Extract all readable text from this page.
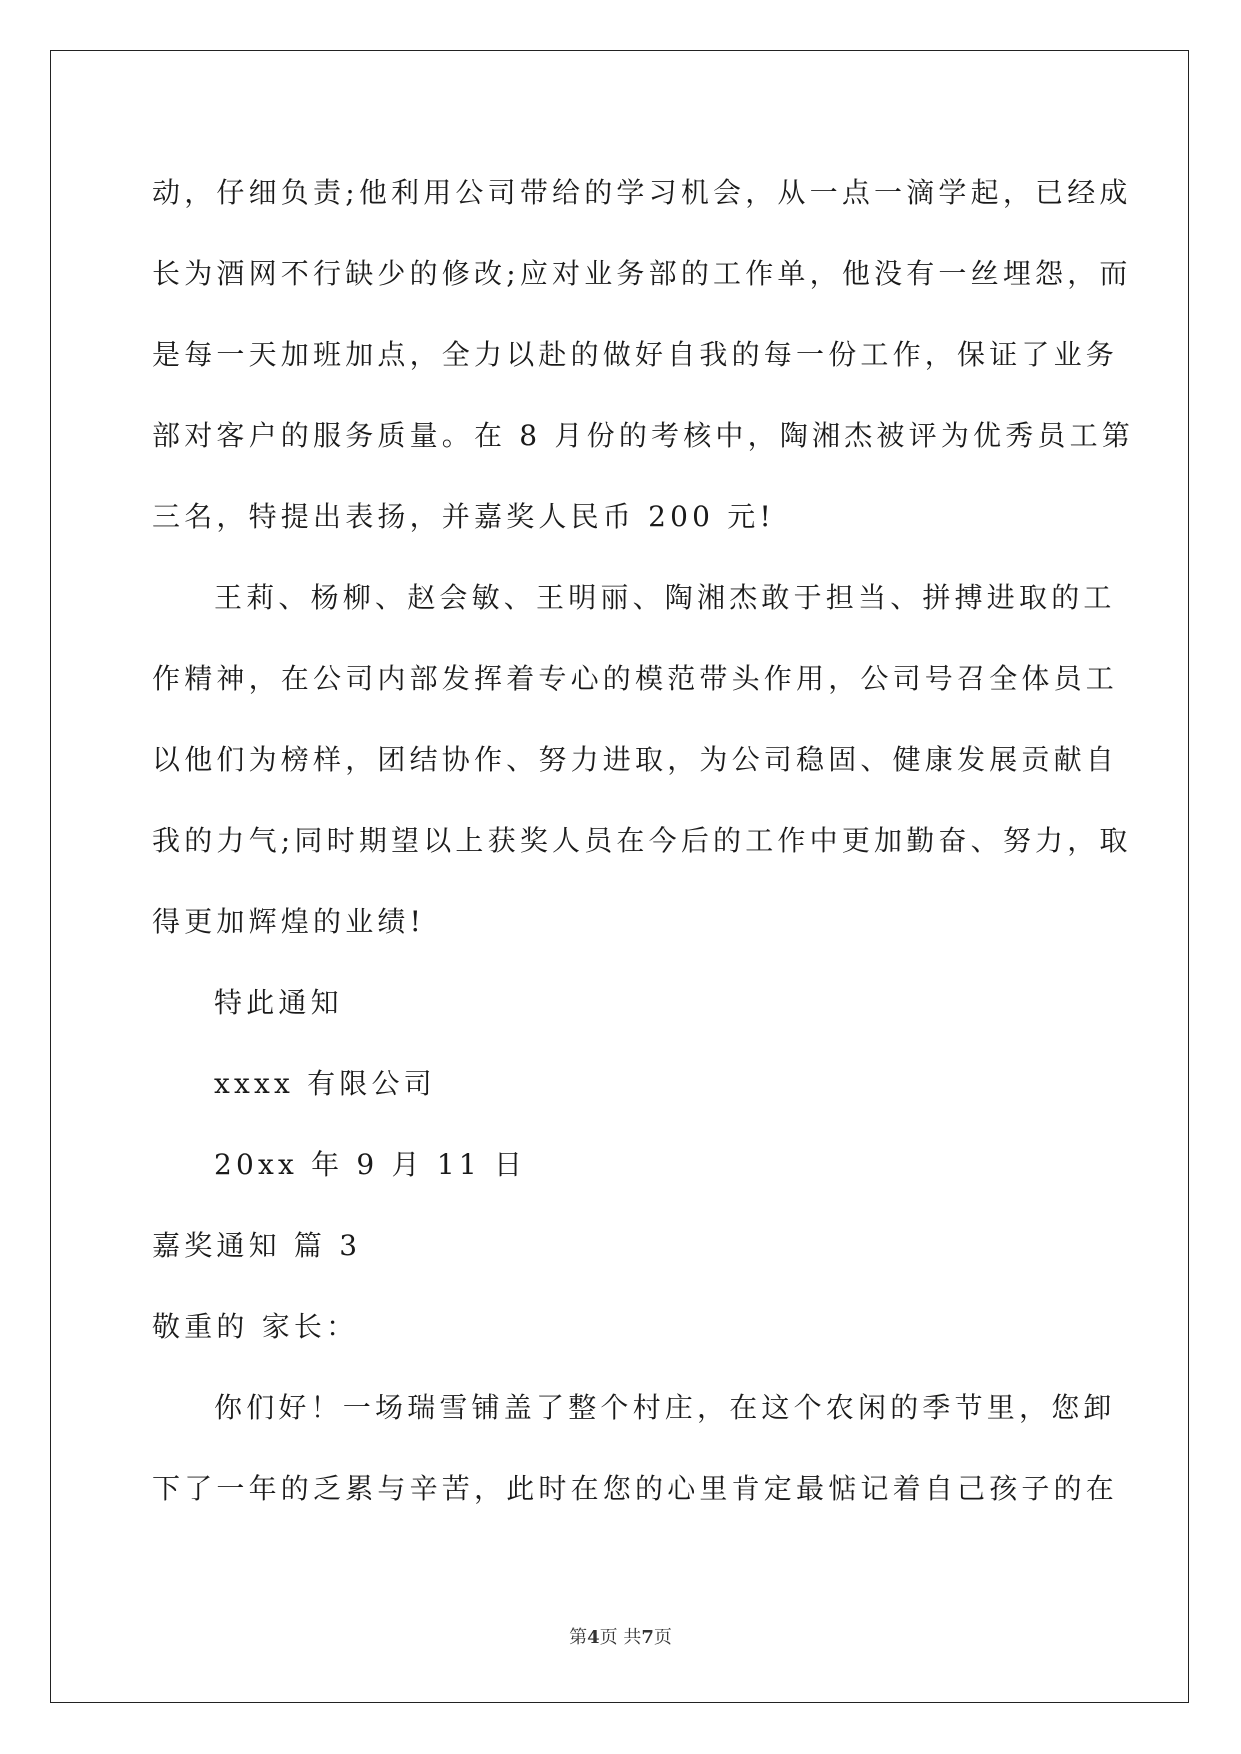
动，仔细负责;他利用公司带给的学习机会，从一点一滴学起，已经成
长为酒网不行缺少的修改;应对业务部的工作单，他没有一丝埋怨，而
是每一天加班加点，全力以赴的做好自我的每一份工作，保证了业务
部对客户的服务质量。在 8 月份的考核中，陶湘杰被评为优秀员工第
三名，特提出表扬，并嘉奖人民币 200 元!
王莉、杨柳、赵会敏、王明丽、陶湘杰敢于担当、拼搏进取的工
作精神，在公司内部发挥着专心的模范带头作用，公司号召全体员工
以他们为榜样，团结协作、努力进取，为公司稳固、健康发展贡献自
我的力气;同时期望以上获奖人员在今后的工作中更加勤奋、努力，取
得更加辉煌的业绩!
特此通知
xxxx 有限公司
20xx 年 9 月 11 日
嘉奖通知 篇 3
敬重的 家长：
你们好！一场瑞雪铺盖了整个村庄，在这个农闲的季节里，您卸
下了一年的乏累与辛苦，此时在您的心里肯定最惦记着自己孩子的在
第4页 共7页
